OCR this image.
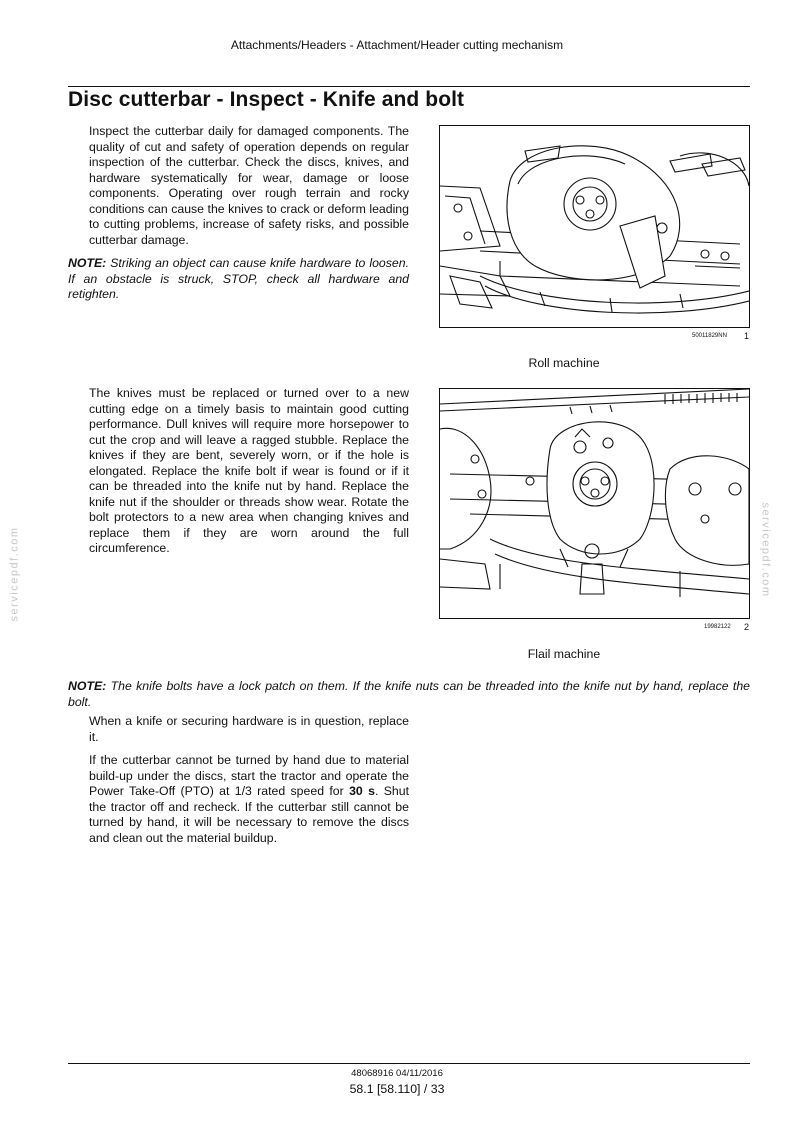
Attachments/Headers - Attachment/Header cutting mechanism
Disc cutterbar - Inspect - Knife and bolt

Inspect the cutterbar daily for damaged components. The quality of cut and safety of operation depends on regular inspection of the cutterbar. Check the discs, knives, and hardware systematically for wear, damage or loose components. Operating over rough terrain and rocky conditions can cause the knives to crack or deform leading to cutting problems, increase of safety risks, and possible cutterbar damage.

NOTE: Striking an object can cause knife hardware to loosen. If an obstacle is struck, STOP, check all hardware and retighten.

50011829NN 1
Roll machine

The knives must be replaced or turned over to a new cutting edge on a timely basis to maintain good cutting performance. Dull knives will require more horsepower to cut the crop and will leave a ragged stubble. Replace the knives if they are bent, severely worn, or if the hole is elongated. Replace the knife bolt if wear is found or if it can be threaded into the knife nut by hand. Replace the knife nut if the shoulder or threads show wear. Rotate the bolt protectors to a new area when changing knives and replace them if they are worn around the full circumference.

19982122 2
Flail machine

NOTE: The knife bolts have a lock patch on them. If the knife nuts can be threaded into the knife nut by hand, replace the bolt.

When a knife or securing hardware is in question, replace it.

If the cutterbar cannot be turned by hand due to material build-up under the discs, start the tractor and operate the Power Take-Off (PTO) at 1/3 rated speed for 30 s. Shut the tractor off and recheck. If the cutterbar still cannot be turned by hand, it will be necessary to remove the discs and clean out the material buildup.

servicepdf.com	servicepdf.com
48068916 04/11/2016
58.1 [58.110] / 33
